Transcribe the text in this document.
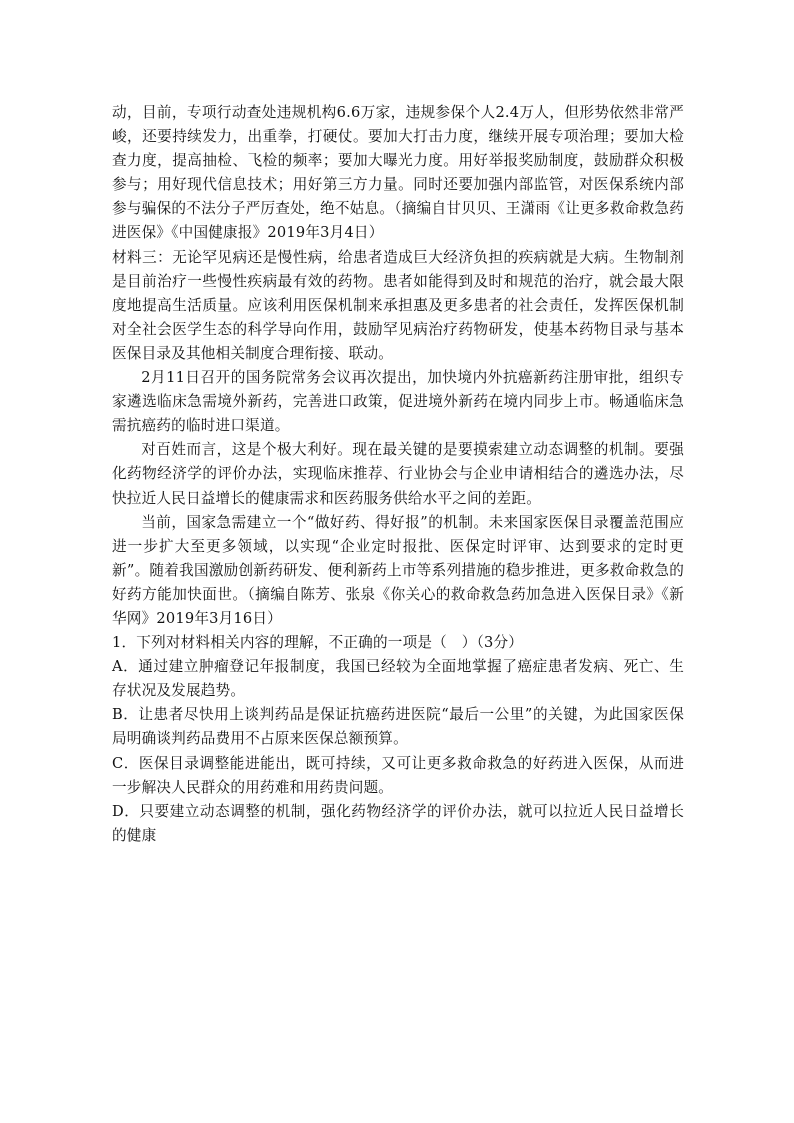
动，目前，专项行动查处违规机构6.6万家，违规参保个人2.4万人，但形势依然非常严峻，还要持续发力，出重拳，打硬仗。要加大打击力度，继续开展专项治理；要加大检查力度，提高抽检、飞检的频率；要加大曝光力度。用好举报奖励制度，鼓励群众积极参与；用好现代信息技术；用好第三方力量。同时还要加强内部监管，对医保系统内部参与骗保的不法分子严厉查处，绝不姑息。（摘编自甘贝贝、王潇雨《让更多救命救急药进医保》《中国健康报》2019年3月4日）

材料三：无论罕见病还是慢性病，给患者造成巨大经济负担的疾病就是大病。生物制剂是目前治疗一些慢性疾病最有效的药物。患者如能得到及时和规范的治疗，就会最大限度地提高生活质量。应该利用医保机制来承担惠及更多患者的社会责任，发挥医保机制对全社会医学生态的科学导向作用，鼓励罕见病治疗药物研发，使基本药物目录与基本医保目录及其他相关制度合理衔接、联动。

2月11日召开的国务院常务会议再次提出，加快境内外抗癌新药注册审批，组织专家遴选临床急需境外新药，完善进口政策，促进境外新药在境内同步上市。畅通临床急需抗癌药的临时进口渠道。

对百姓而言，这是个极大利好。现在最关键的是要摸索建立动态调整的机制。要强化药物经济学的评价办法，实现临床推荐、行业协会与企业申请相结合的遴选办法，尽快拉近人民日益增长的健康需求和医药服务供给水平之间的差距。

当前，国家急需建立一个“做好药、得好报”的机制。未来国家医保目录覆盖范围应进一步扩大至更多领域，以实现“企业定时报批、医保定时评审、达到要求的定时更新”。随着我国激励创新药研发、便利新药上市等系列措施的稳步推进，更多救命救急的好药方能加快面世。（摘编自陈芳、张泉《你关心的救命救急药加急进入医保目录》《新华网》2019年3月16日）

1．下列对材料相关内容的理解，不正确的一项是（　）（3分）

A．通过建立肿瘤登记年报制度，我国已经较为全面地掌握了癌症患者发病、死亡、生存状况及发展趋势。

B．让患者尽快用上谈判药品是保证抗癌药进医院“最后一公里”的关键，为此国家医保局明确谈判药品费用不占原来医保总额预算。

C．医保目录调整能进能出，既可持续，又可让更多救命救急的好药进入医保，从而进一步解决人民群众的用药难和用药贵问题。

D．只要建立动态调整的机制，强化药物经济学的评价办法，就可以拉近人民日益增长的健康
